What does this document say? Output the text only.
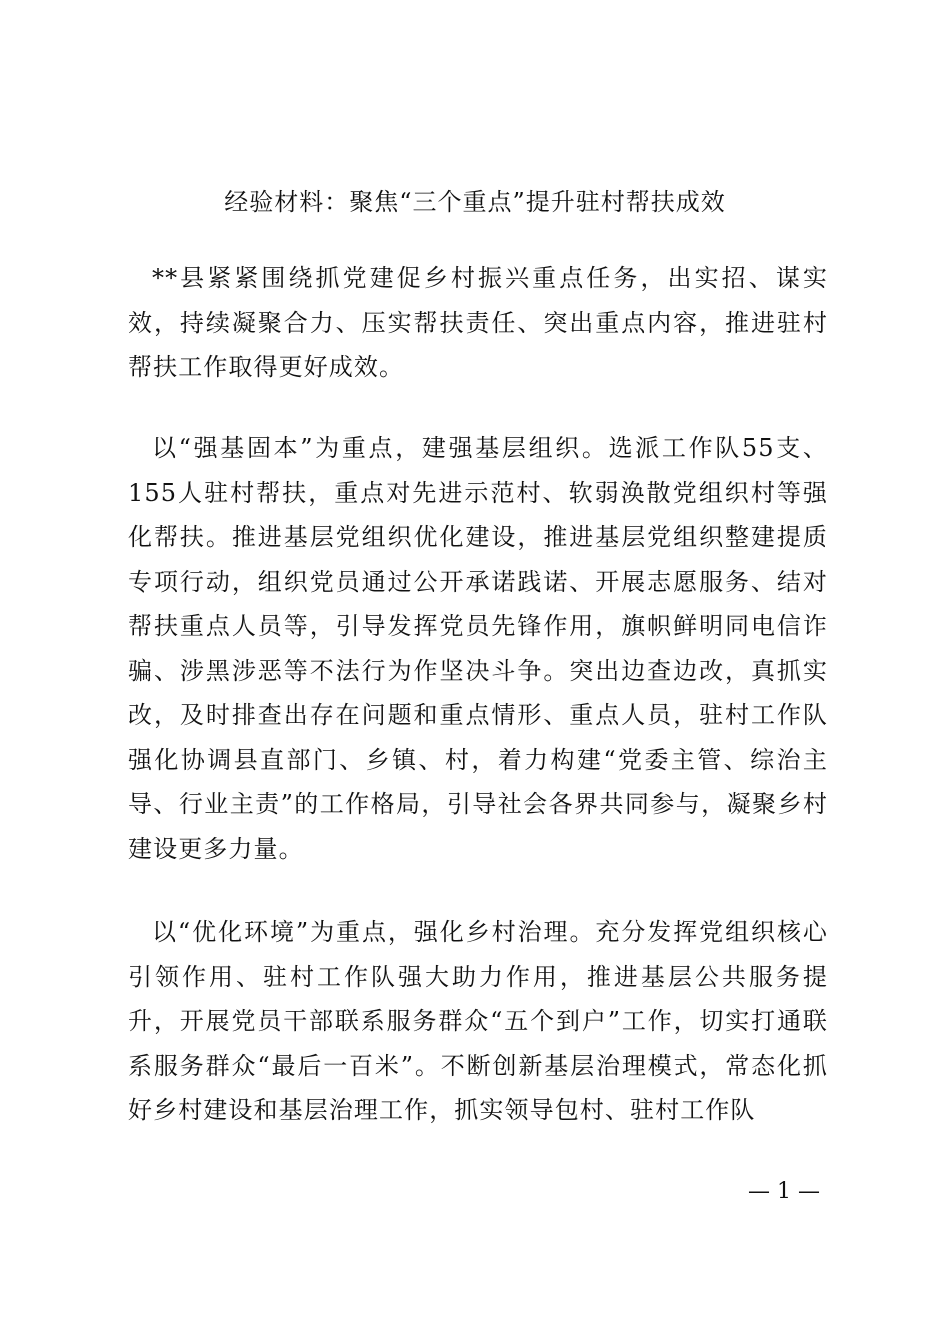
经验材料：聚焦“三个重点”提升驻村帮扶成效

**县紧紧围绕抓党建促乡村振兴重点任务，出实招、谋实效，持续凝聚合力、压实帮扶责任、突出重点内容，推进驻村帮扶工作取得更好成效。

以“强基固本”为重点，建强基层组织。选派工作队55支、155人驻村帮扶，重点对先进示范村、软弱涣散党组织村等强化帮扶。推进基层党组织优化建设，推进基层党组织整建提质专项行动，组织党员通过公开承诺践诺、开展志愿服务、结对帮扶重点人员等，引导发挥党员先锋作用，旗帜鲜明同电信诈骗、涉黑涉恶等不法行为作坚决斗争。突出边查边改，真抓实改，及时排查出存在问题和重点情形、重点人员，驻村工作队强化协调县直部门、乡镇、村，着力构建“党委主管、综治主导、行业主责”的工作格局，引导社会各界共同参与，凝聚乡村建设更多力量。

以“优化环境”为重点，强化乡村治理。充分发挥党组织核心引领作用、驻村工作队强大助力作用，推进基层公共服务提升，开展党员干部联系服务群众“五个到户”工作，切实打通联系服务群众“最后一百米”。不断创新基层治理模式，常态化抓好乡村建设和基层治理工作，抓实领导包村、驻村工作队

— 1 —
